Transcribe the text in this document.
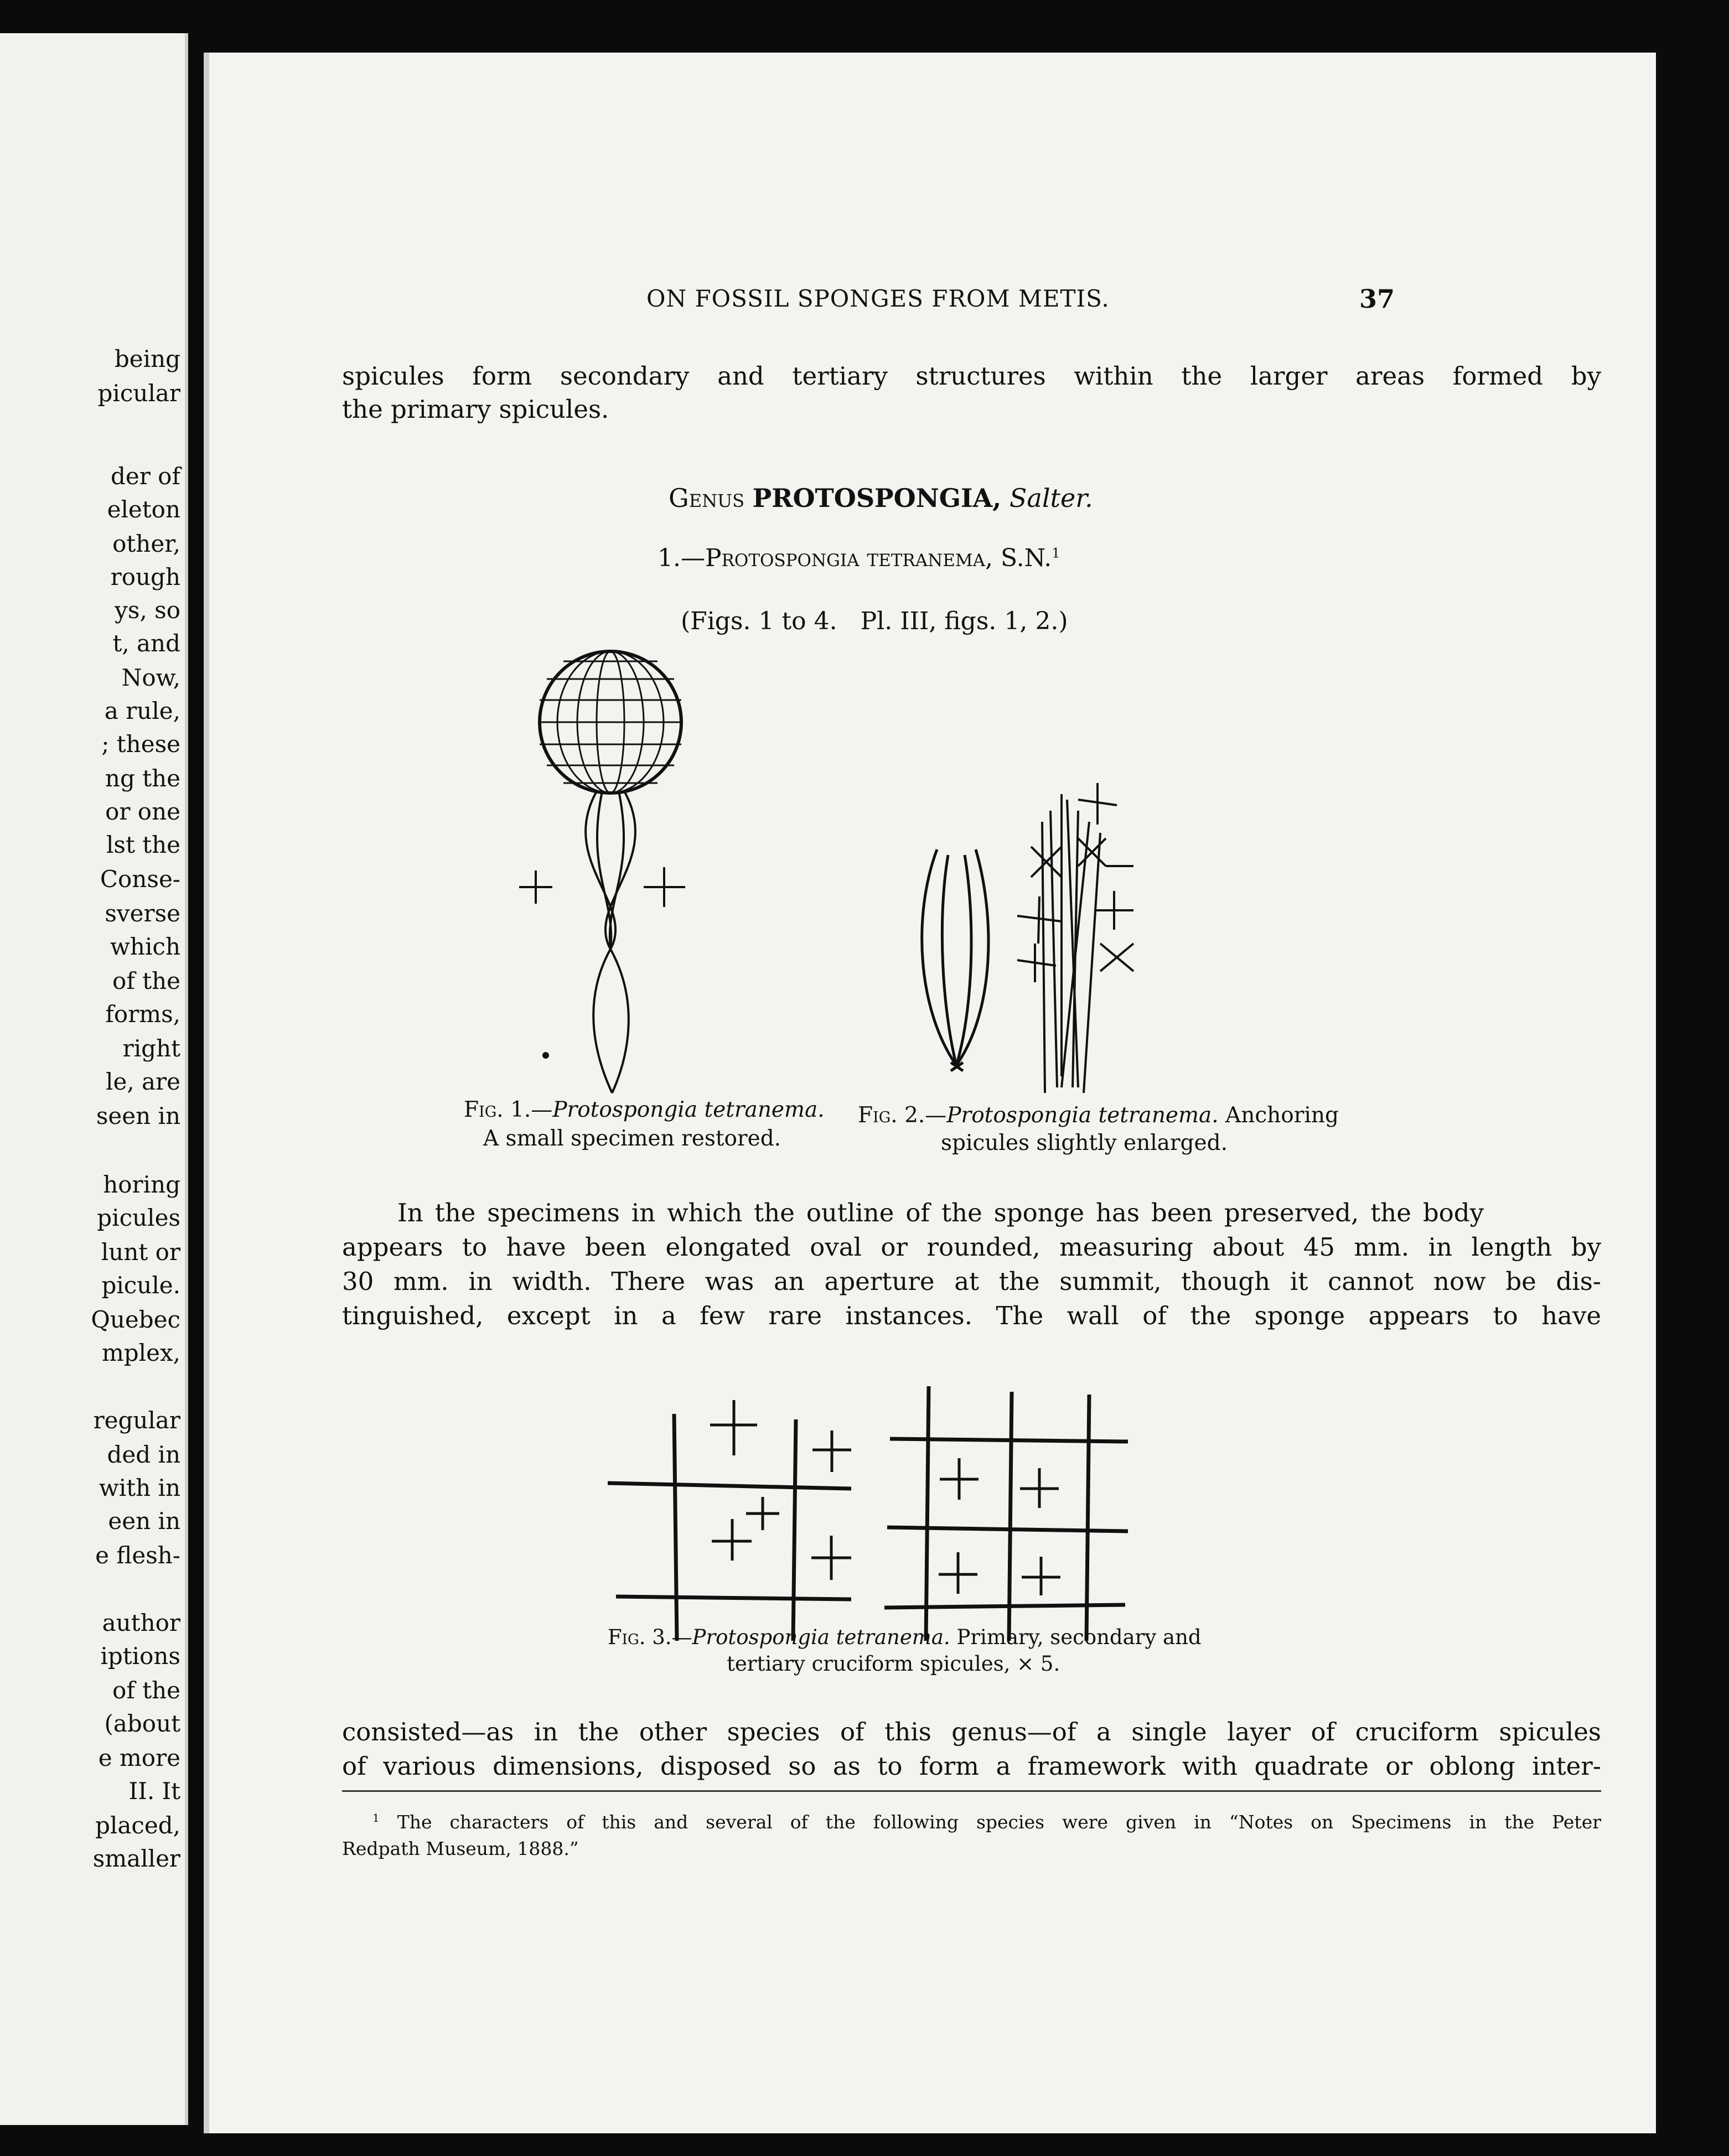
being
picular
der of
eleton
other,
rough
ys, so
t, and
Now,
a rule,
; these
ng the
or one
lst the
Conse-
sverse
which
of the
forms,
right
le, are
seen in
horing
picules
lunt or
picule.
Quebec
mplex,
regular
ded in
with in
een in
e flesh-
author
iptions
of the
(about
e more
II. It
placed,
smaller
ON FOSSIL SPONGES FROM METIS.	37
spicules form secondary and tertiary structures within the larger areas formed by
the primary spicules.
Genus PROTOSPONGIA, Salter.
1.—Protospongia tetranema, S.N.$^1$
(Figs. 1 to 4.   Pl. III, figs. 1, 2.)
Fig. 1.—Protospongia tetranema.
A small specimen restored.
Fig. 2.—Protospongia tetranema. Anchoring
spicules slightly enlarged.
In the specimens in which the outline of the sponge has been preserved, the body
appears to have been elongated oval or rounded, measuring about 45 mm. in length by
30 mm. in width. There was an aperture at the summit, though it cannot now be dis-
tinguished, except in a few rare instances. The wall of the sponge appears to have
Fig. 3.—Protospongia tetranema. Primary, secondary and
tertiary cruciform spicules, × 5.
consisted—as in the other species of this genus—of a single layer of cruciform spicules
of various dimensions, disposed so as to form a framework with quadrate or oblong inter-
$^1$ The characters of this and several of the following species were given in “Notes on Specimens in the Peter
Redpath Museum, 1888.”
